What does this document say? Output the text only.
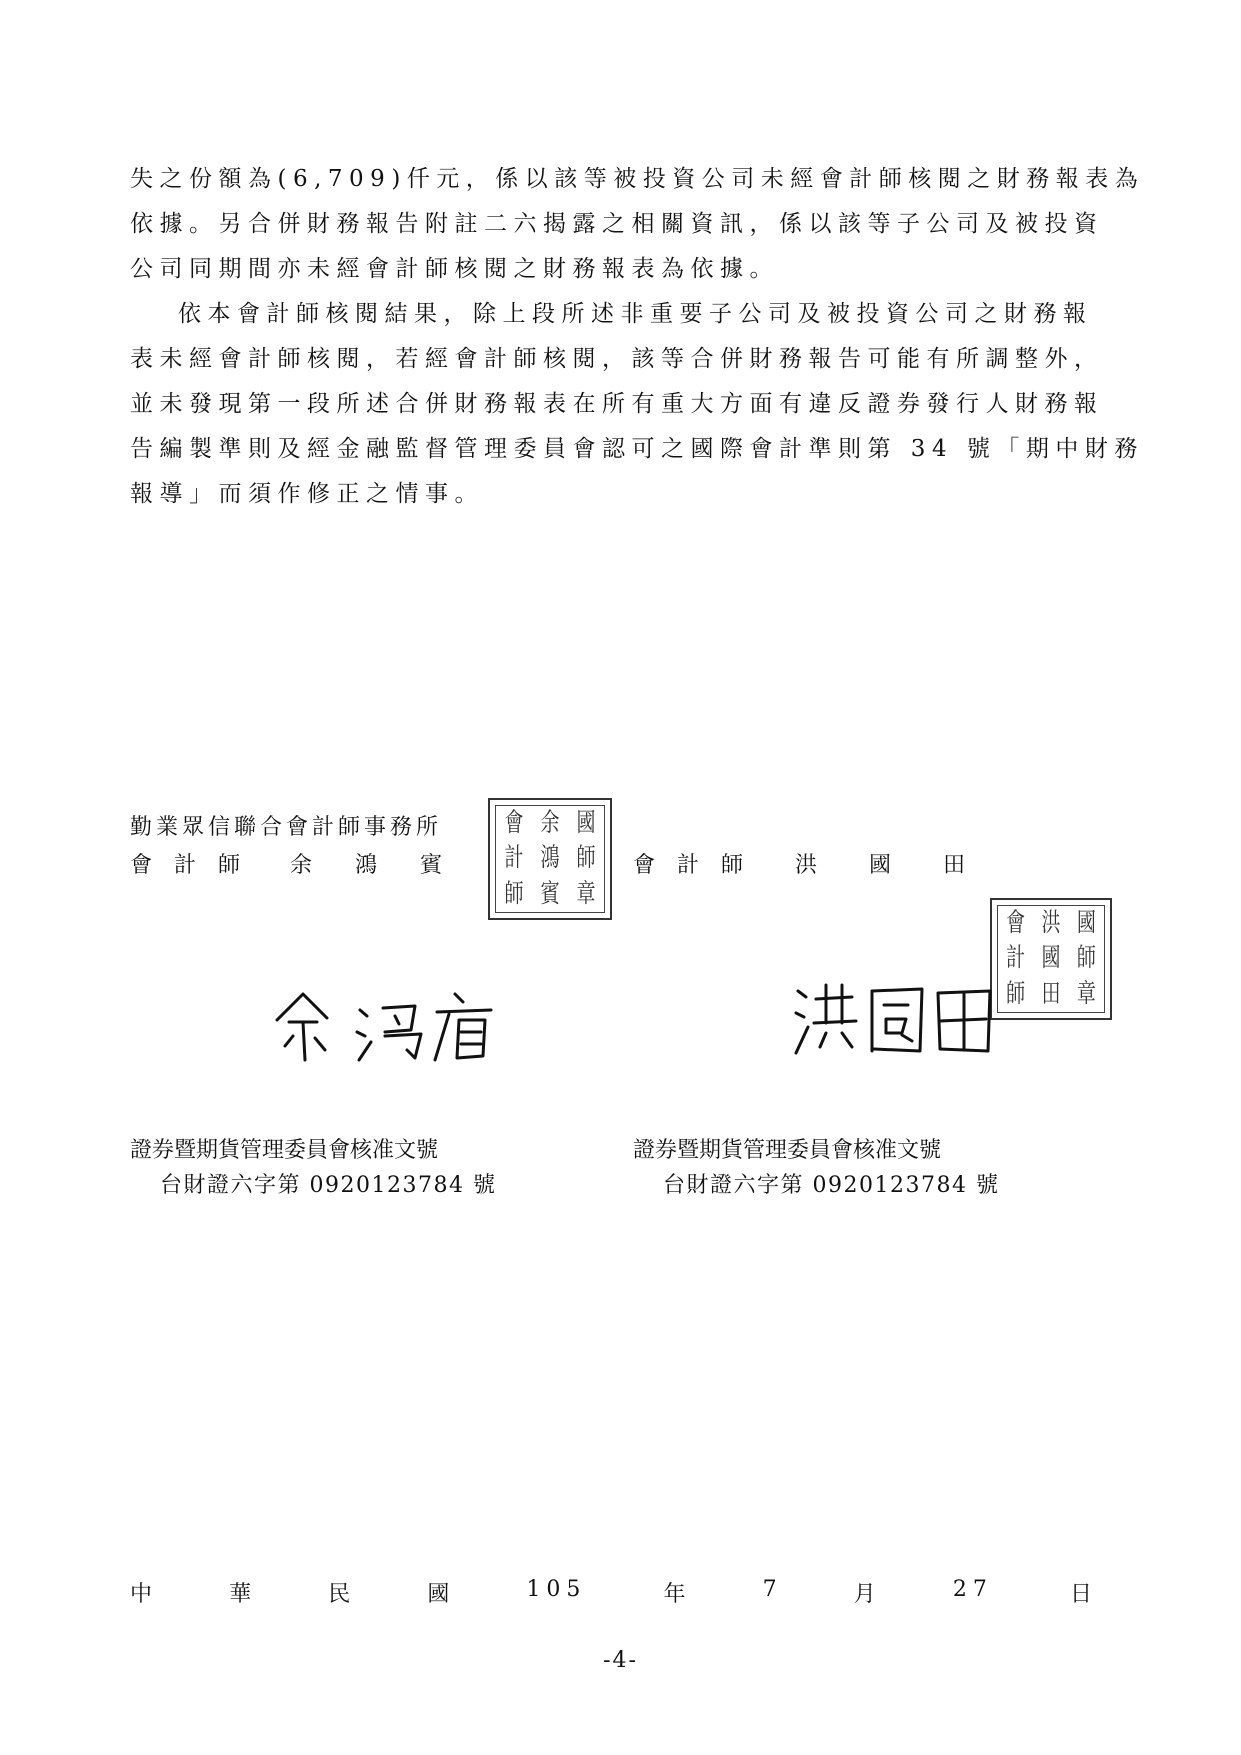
失之份額為(6,709)仟元，係以該等被投資公司未經會計師核閱之財務報表為
依據。另合併財務報告附註二六揭露之相關資訊，係以該等子公司及被投資
公司同期間亦未經會計師核閱之財務報表為依據。
依本會計師核閱結果，除上段所述非重要子公司及被投資公司之財務報
表未經會計師核閱，若經會計師核閱，該等合併財務報告可能有所調整外，
並未發現第一段所述合併財務報表在所有重大方面有違反證券發行人財務報
告編製準則及經金融監督管理委員會認可之國際會計準則第 34 號「期中財務
報導」而須作修正之情事。
勤業眾信聯合會計師事務所
會 計 師 余 鴻 賓
會 余 國
計 鴻 師
師 賓 章
會 計 師 洪 國 田
會 洪 國
計 國 師
師 田 章
證券暨期貨管理委員會核准文號
台財證六字第 0920123784 號
證券暨期貨管理委員會核准文號
台財證六字第 0920123784 號
中	華	民	國	105	年	7	月	27	日
-4-
